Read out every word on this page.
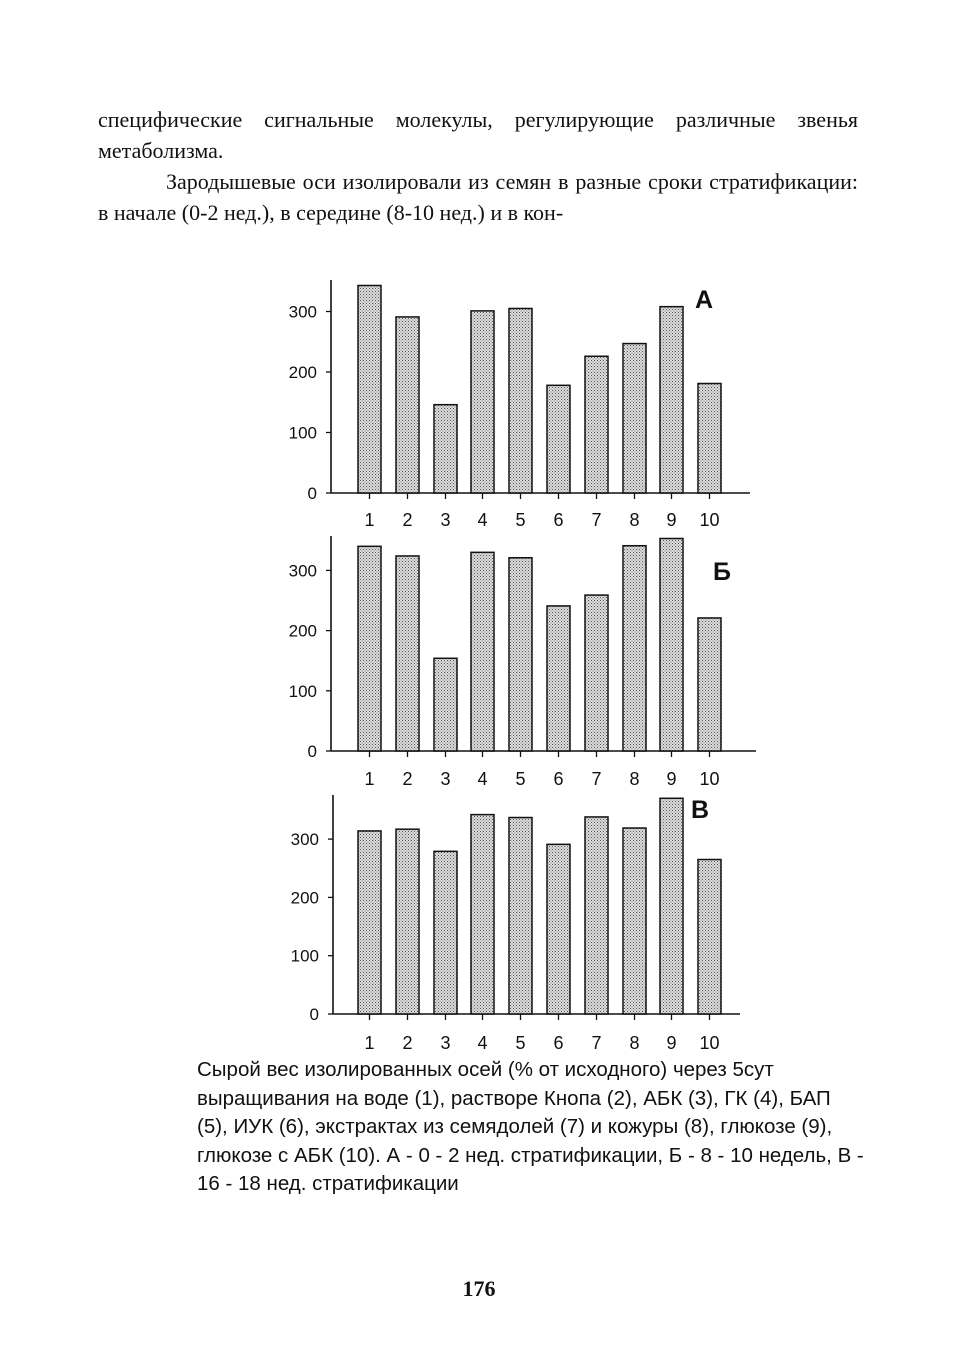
специфические сигнальные молекулы, регулирующие различные звенья метаболизма.

Зародышевые оси изолировали из семян в разные сроки стратификации: в начале (0-2 нед.), в середине (8-10 нед.) и в кон-

0
100
200
300
1 2 3 4 5 6 7 8 9 10
А
0
100
200
300
1 2 3 4 5 6 7 8 9 10
Б
0
100
200
300
1 2 3 4 5 6 7 8 9 10
В

Сырой вес изолированных осей (% от исходного) через 5сут выращивания на воде (1), растворе Кнопа (2), АБК (3), ГК (4), БАП (5), ИУК (6), экстрактах из семядолей (7) и кожуры (8), глюкозе (9), глюкозе с АБК (10). А - 0 - 2 нед. стратификации, Б - 8 - 10 недель, В - 16 - 18 нед. стратификации

176
